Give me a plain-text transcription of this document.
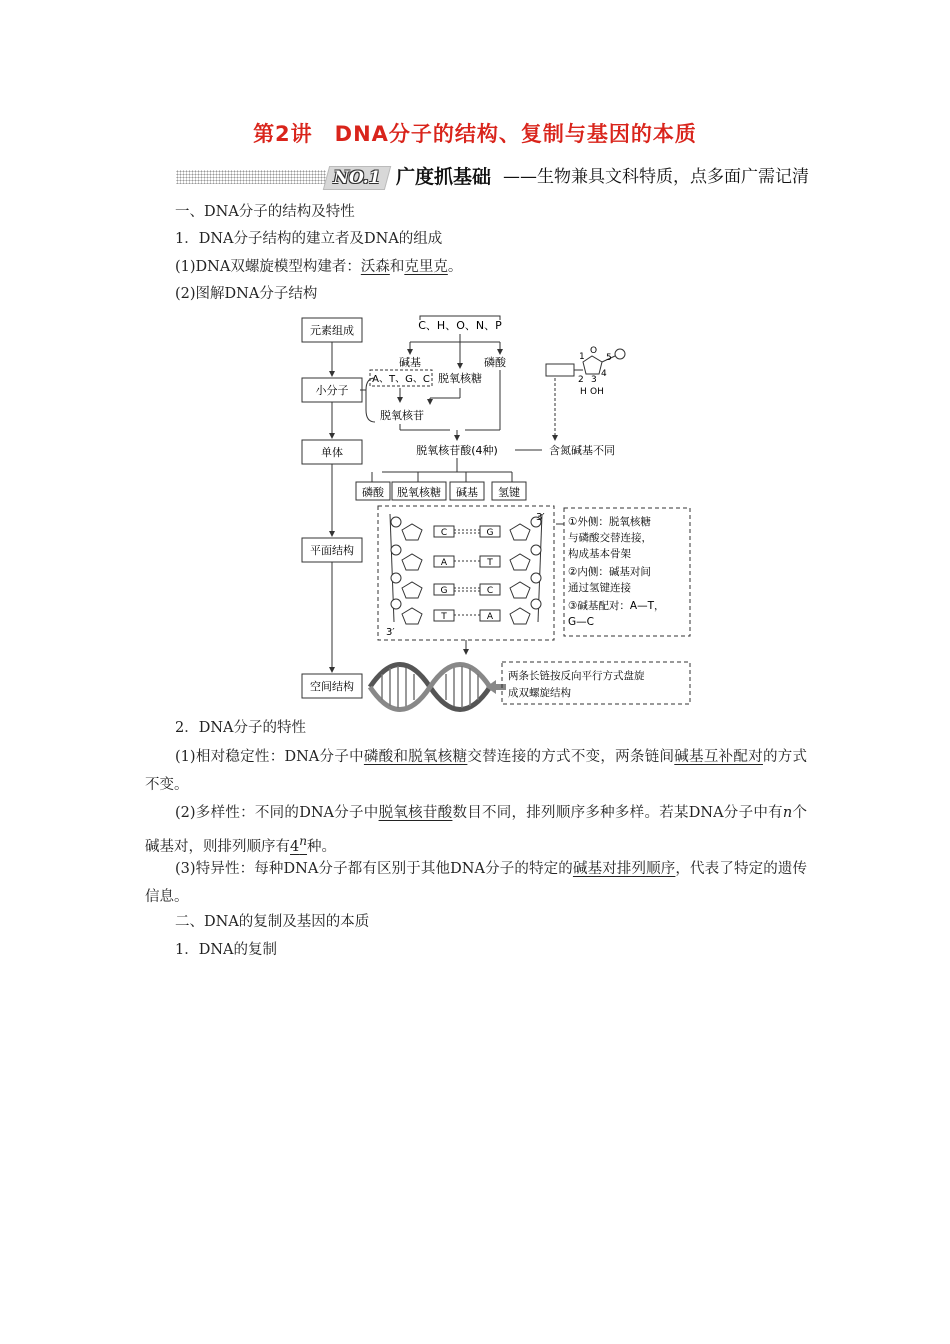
第2讲　DNA分子的结构、复制与基因的本质
NO.1 广度抓基础 ——生物兼具文科特质，点多面广需记清
一、DNA分子的结构及特性
1．DNA分子结构的建立者及DNA的组成
(1)DNA双螺旋模型构建者：沃森和克里克。
(2)图解DNA分子结构
元素组成
小分子
单体
平面结构
空间结构
C、H、O、N、P
碱基	磷酸
A、T、G、C 脱氧核糖
脱氧核苷
脱氧核苷酸(4种)	含氮碱基不同
1
O
5
4
3
2
H OH
磷酸 脱氧核糖 碱基 氢键
C	G
A	T
G	C
T	A
3′
3′
①外侧：脱氧核糖
与磷酸交替连接，
构成基本骨架
②内侧：碱基对间
通过氢键连接
③碱基配对：A—T，
G—C
两条长链按反向平行方式盘旋
成双螺旋结构
2．DNA分子的特性
(1)相对稳定性：DNA分子中磷酸和脱氧核糖交替连接的方式不变，两条链间碱基互补配对的方式不变。
(2)多样性：不同的DNA分子中脱氧核苷酸数目不同，排列顺序多种多样。若某DNA分子中有n个碱基对，则排列顺序有4$^n$种。
(3)特异性：每种DNA分子都有区别于其他DNA分子的特定的碱基对排列顺序，代表了特定的遗传信息。
二、DNA的复制及基因的本质
1．DNA的复制
